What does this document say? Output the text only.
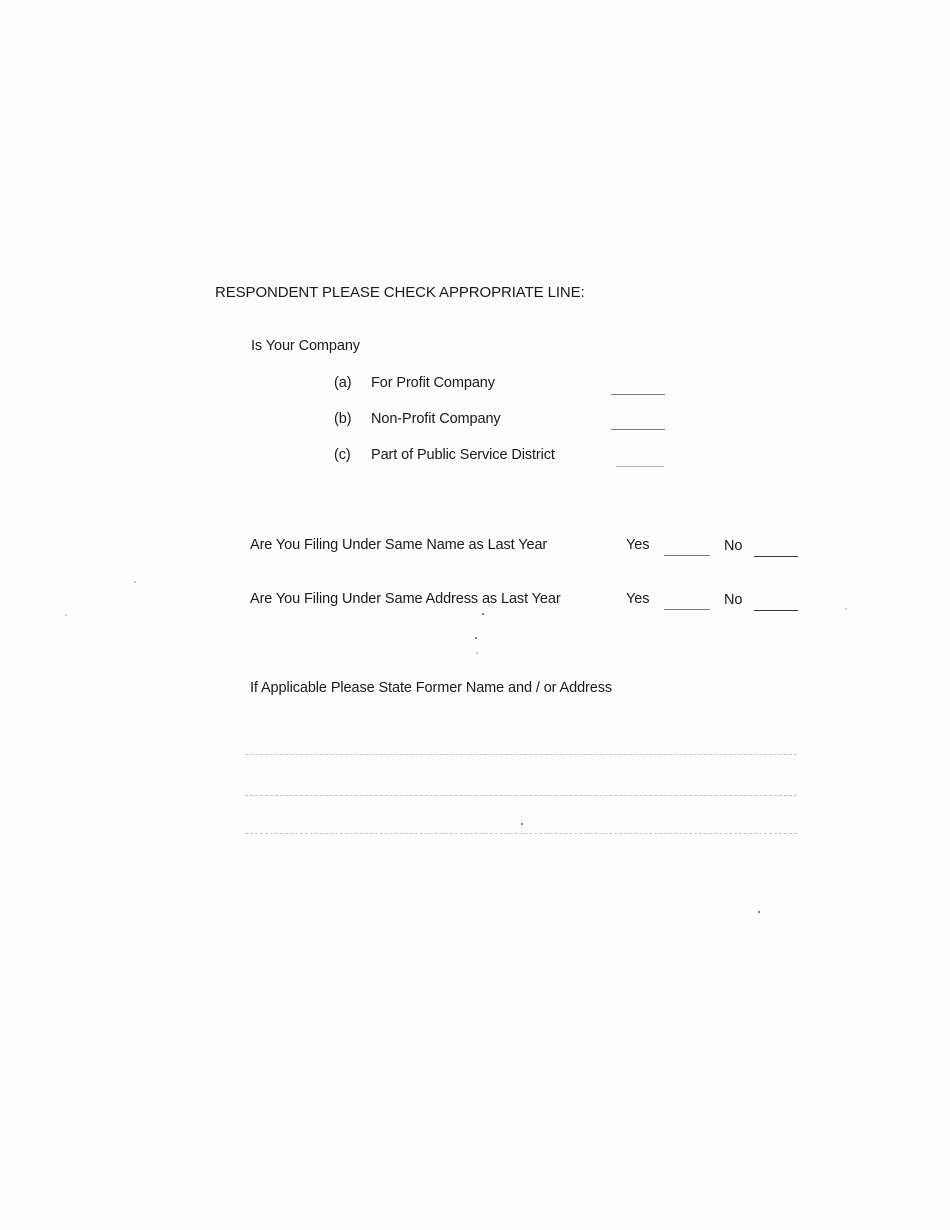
RESPONDENT PLEASE CHECK APPROPRIATE LINE:
Is Your Company
(a) For Profit Company
(b) Non-Profit Company
(c) Part of Public Service District
Are You Filing Under Same Name as Last Year	Yes	No
Are You Filing Under Same Address as Last Year	Yes	No
If Applicable Please State Former Name and / or Address
